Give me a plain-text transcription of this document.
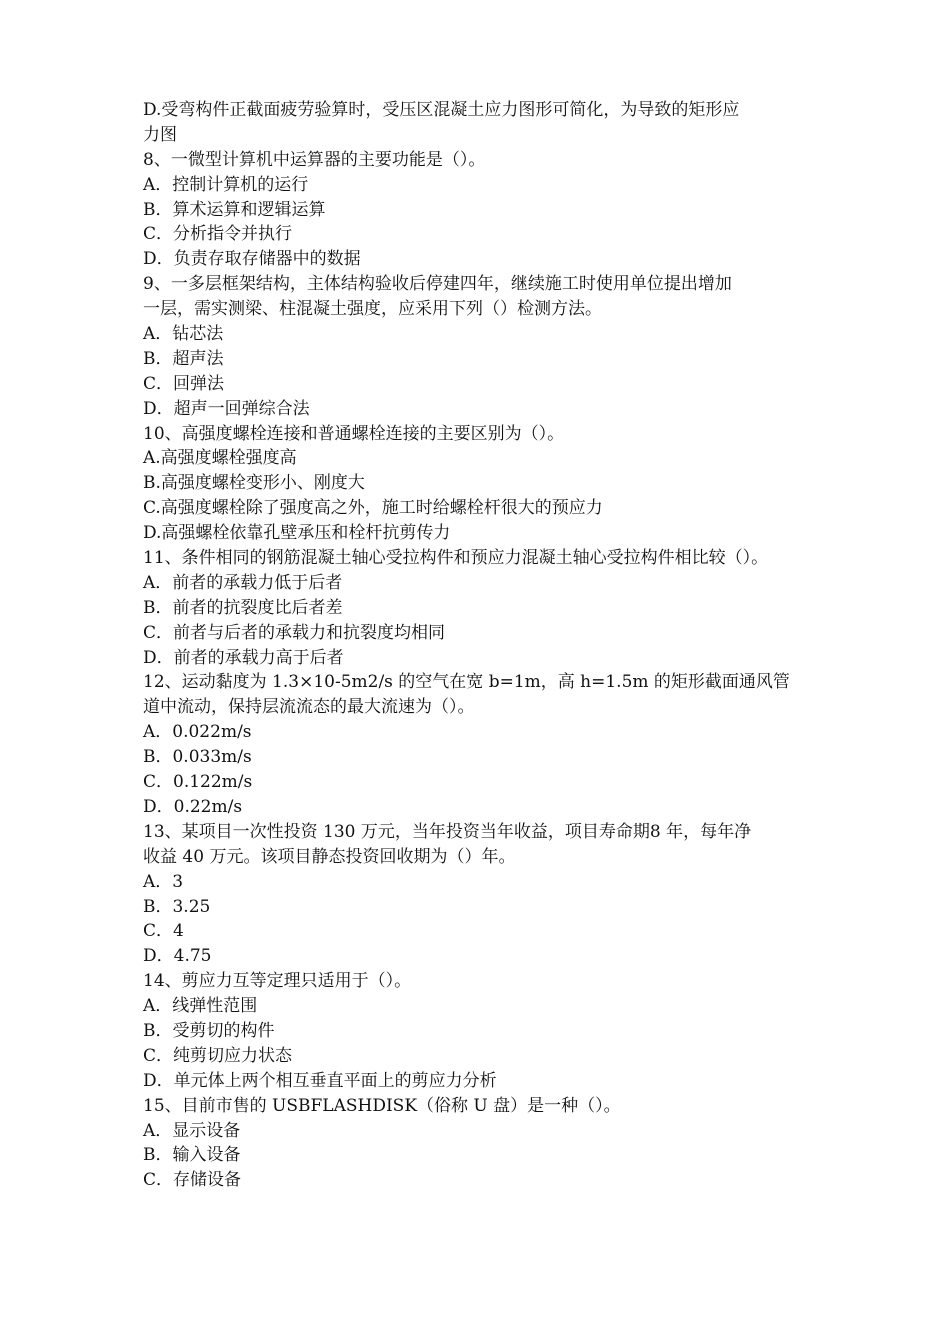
D.受弯构件正截面疲劳验算时，受压区混凝土应力图形可简化，为导致的矩形应
力图
8、一微型计算机中运算器的主要功能是（）。
A．控制计算机的运行
B．算术运算和逻辑运算
C．分析指令并执行
D．负责存取存储器中的数据
9、一多层框架结构，主体结构验收后停建四年，继续施工时使用单位提出增加
一层，需实测梁、柱混凝土强度，应采用下列（）检测方法。
A．钻芯法
B．超声法
C．回弹法
D．超声一回弹综合法
10、高强度螺栓连接和普通螺栓连接的主要区别为（）。
A.高强度螺栓强度高
B.高强度螺栓变形小、刚度大
C.高强度螺栓除了强度高之外，施工时给螺栓杆很大的预应力
D.高强螺栓依靠孔壁承压和栓杆抗剪传力
11、条件相同的钢筋混凝土轴心受拉构件和预应力混凝土轴心受拉构件相比较（）。
A．前者的承载力低于后者
B．前者的抗裂度比后者差
C．前者与后者的承载力和抗裂度均相同
D．前者的承载力高于后者
12、运动黏度为 1.3×10-5m2/s 的空气在宽 b=1m，高 h=1.5m 的矩形截面通风管
道中流动，保持层流流态的最大流速为（）。
A．0.022m/s
B．0.033m/s
C．0.122m/s
D．0.22m/s
13、某项目一次性投资 130 万元，当年投资当年收益，项目寿命期8 年，每年净
收益 40 万元。该项目静态投资回收期为（）年。
A．3
B．3.25
C．4
D．4.75
14、剪应力互等定理只适用于（）。
A．线弹性范围
B．受剪切的构件
C．纯剪切应力状态
D．单元体上两个相互垂直平面上的剪应力分析
15、目前市售的 USBFLASHDISK（俗称 U 盘）是一种（）。
A．显示设备
B．输入设备
C．存储设备
